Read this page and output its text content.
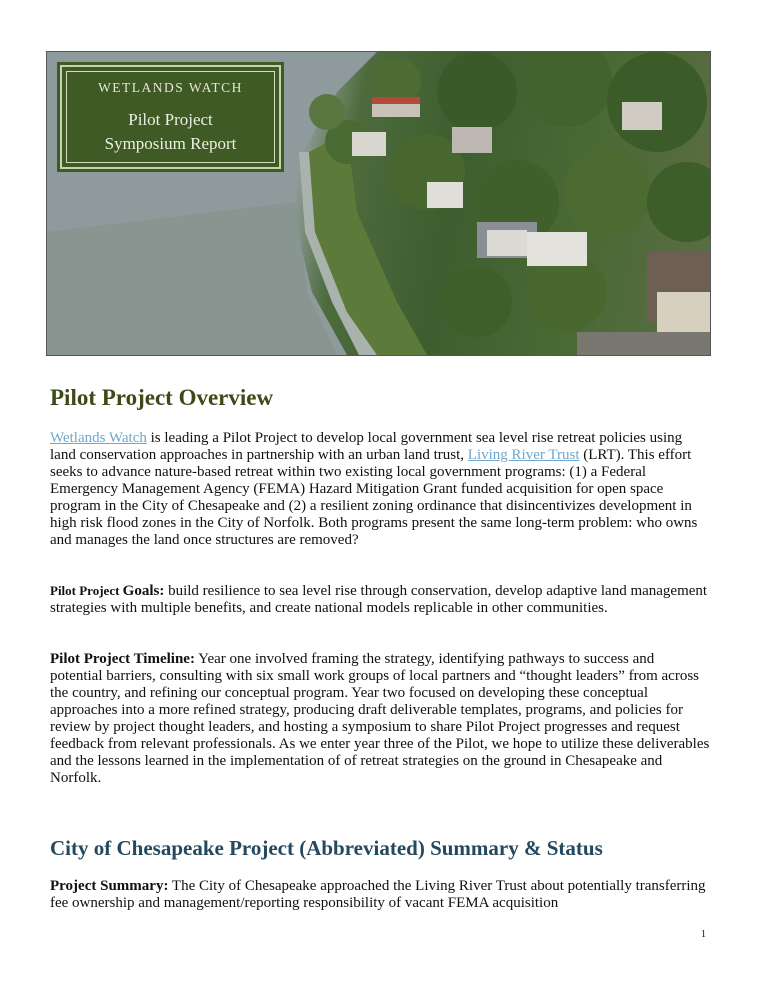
WETLANDS WATCH
Pilot Project
Symposium Report
Pilot Project Overview

Wetlands Watch is leading a Pilot Project to develop local government sea level rise retreat policies using land conservation approaches in partnership with an urban land trust, Living River Trust (LRT). This effort seeks to advance nature-based retreat within two existing local government programs: (1) a Federal Emergency Management Agency (FEMA) Hazard Mitigation Grant funded acquisition for open space program in the City of Chesapeake and (2) a resilient zoning ordinance that disincentivizes development in high risk flood zones in the City of Norfolk. Both programs present the same long-term problem: who owns and manages the land once structures are removed?

Pilot Project Goals: build resilience to sea level rise through conservation, develop adaptive land management strategies with multiple benefits, and create national models replicable in other communities.

Pilot Project Timeline: Year one involved framing the strategy, identifying pathways to success and potential barriers, consulting with six small work groups of local partners and “thought leaders” from across the country, and refining our conceptual program. Year two focused on developing these conceptual approaches into a more refined strategy, producing draft deliverable templates, programs, and policies for review by project thought leaders, and hosting a symposium to share Pilot Project progresses and request feedback from relevant professionals. As we enter year three of the Pilot, we hope to utilize these deliverables and the lessons learned in the implementation of of retreat strategies on the ground in Chesapeake and Norfolk.

City of Chesapeake Project (Abbreviated) Summary & Status

Project Summary: The City of Chesapeake approached the Living River Trust about potentially transferring fee ownership and management/reporting responsibility of vacant FEMA acquisition

1
